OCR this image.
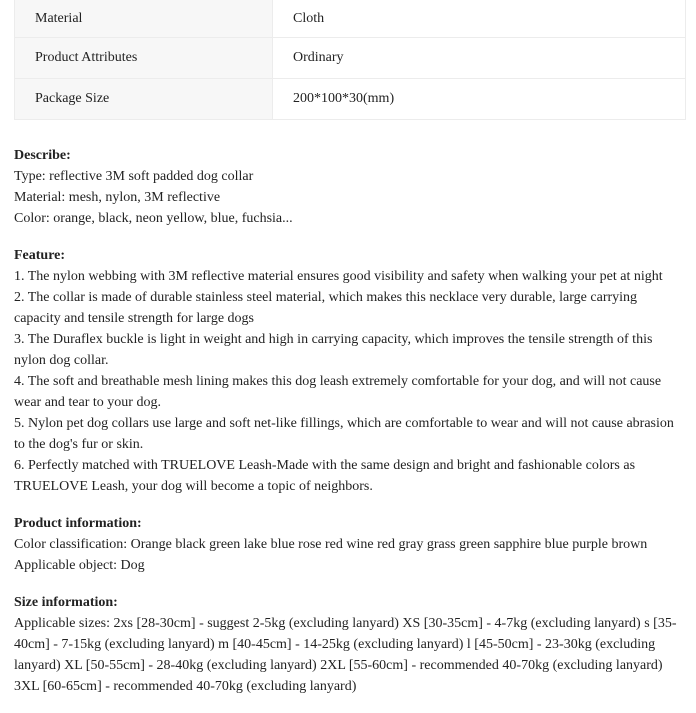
Material	Cloth
Product Attributes	Ordinary
Package Size	200*100*30(mm)
Describe:
Type: reflective 3M soft padded dog collar
Material: mesh, nylon, 3M reflective
Color: orange, black, neon yellow, blue, fuchsia...
Feature:
1. The nylon webbing with 3M reflective material ensures good visibility and safety when walking your pet at night
2. The collar is made of durable stainless steel material, which makes this necklace very durable, large carrying capacity and tensile strength for large dogs
3. The Duraflex buckle is light in weight and high in carrying capacity, which improves the tensile strength of this nylon dog collar.
4. The soft and breathable mesh lining makes this dog leash extremely comfortable for your dog, and will not cause wear and tear to your dog.
5. Nylon pet dog collars use large and soft net-like fillings, which are comfortable to wear and will not cause abrasion to the dog's fur or skin.
6. Perfectly matched with TRUELOVE Leash-Made with the same design and bright and fashionable colors as TRUELOVE Leash, your dog will become a topic of neighbors.
Product information:
Color classification: Orange black green lake blue rose red wine red gray grass green sapphire blue purple brown
Applicable object: Dog
Size information:
Applicable sizes: 2xs [28-30cm] - suggest 2-5kg (excluding lanyard) XS [30-35cm] - 4-7kg (excluding lanyard) s [35-40cm] - 7-15kg (excluding lanyard) m [40-45cm] - 14-25kg (excluding lanyard) l [45-50cm] - 23-30kg (excluding lanyard) XL [50-55cm] - 28-40kg (excluding lanyard) 2XL [55-60cm] - recommended 40-70kg (excluding lanyard) 3XL [60-65cm] - recommended 40-70kg (excluding lanyard)
